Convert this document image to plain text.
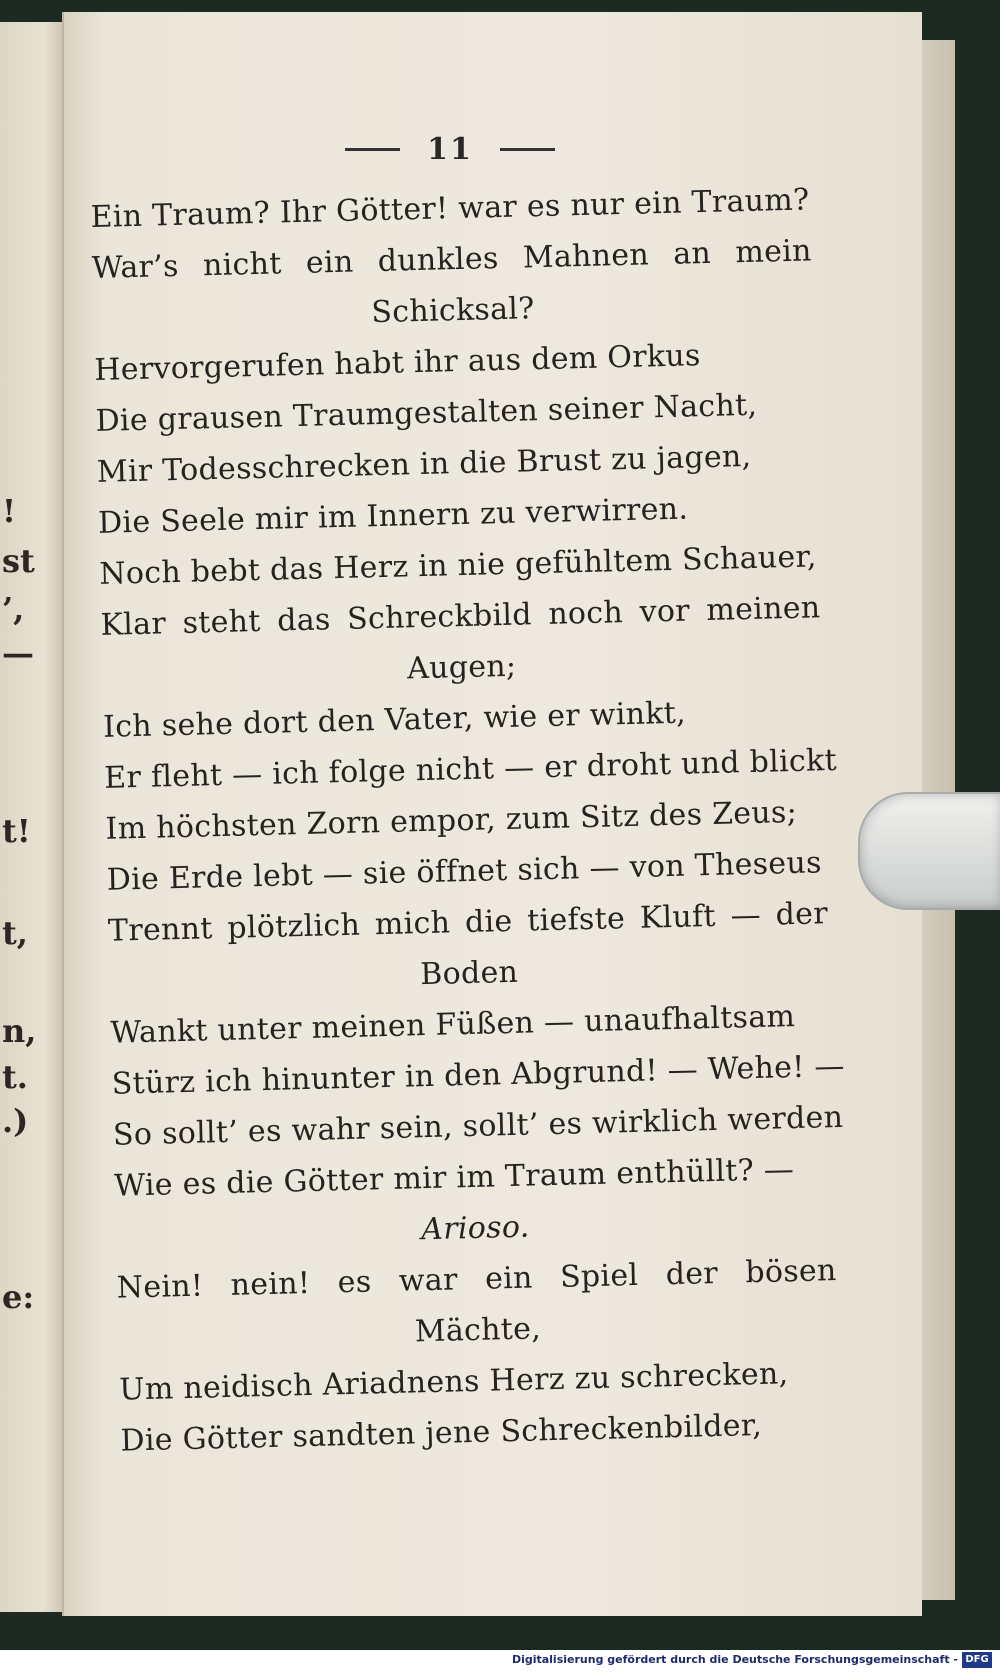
!
st
’,
—
t!
t,
n,
t.
.)
e:
11
Ein Traum? Ihr Götter! war es nur ein Traum?
War’s nicht ein dunkles Mahnen an mein
Schicksal?
Hervorgerufen habt ihr aus dem Orkus
Die grausen Traumgestalten seiner Nacht,
Mir Todesschrecken in die Brust zu jagen,
Die Seele mir im Innern zu verwirren.
Noch bebt das Herz in nie gefühltem Schauer,
Klar steht das Schreckbild noch vor meinen
Augen;
Ich sehe dort den Vater, wie er winkt,
Er fleht — ich folge nicht — er droht und blickt
Im höchsten Zorn empor, zum Sitz des Zeus;
Die Erde lebt — sie öffnet sich — von Theseus
Trennt plötzlich mich die tiefste Kluft — der
Boden
Wankt unter meinen Füßen — unaufhaltsam
Stürz ich hinunter in den Abgrund! — Wehe! —
So sollt’ es wahr sein, sollt’ es wirklich werden
Wie es die Götter mir im Traum enthüllt? —
Arioso.
Nein! nein! es war ein Spiel der bösen
Mächte,
Um neidisch Ariadnens Herz zu schrecken,
Die Götter sandten jene Schreckenbilder,
Digitalisierung gefördert durch die Deutsche Forschungsgemeinschaft - DFG
